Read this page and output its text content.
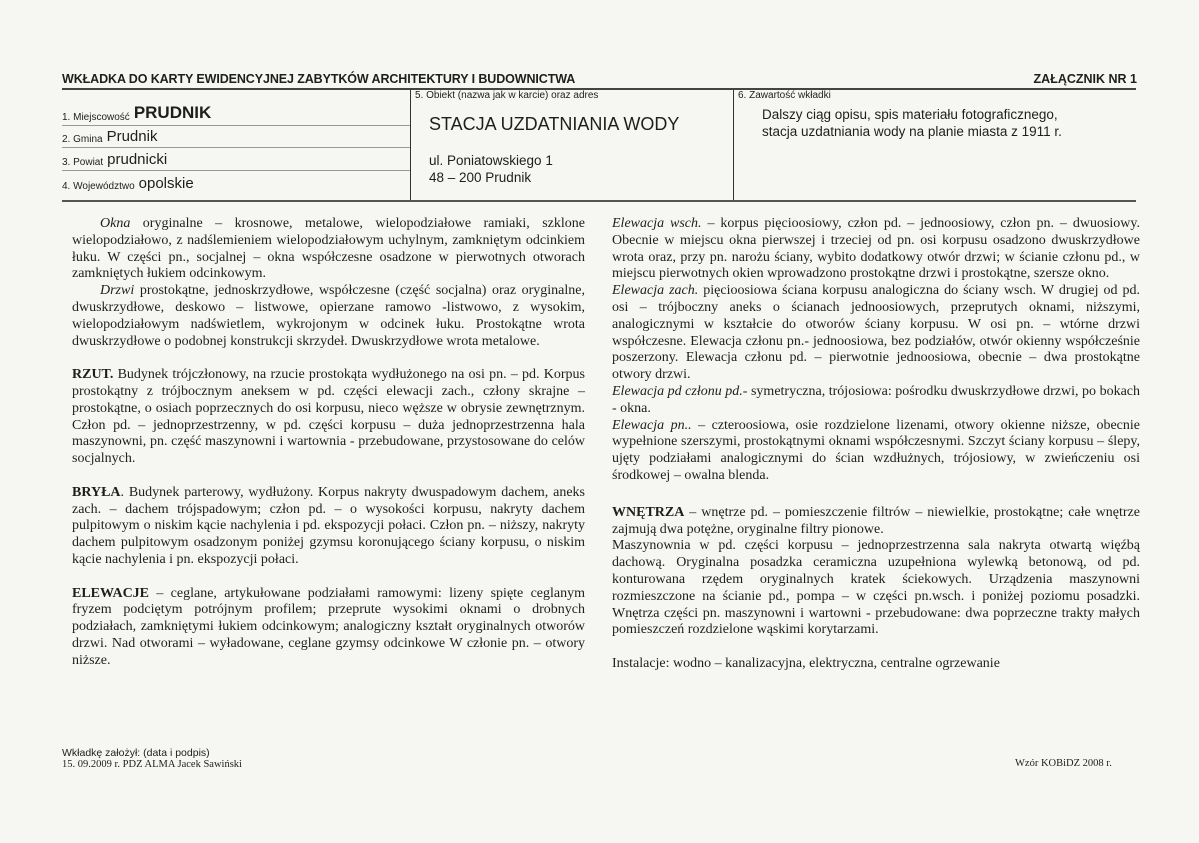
WKŁADKA DO KARTY EWIDENCYJNEJ ZABYTKÓW ARCHITEKTURY I BUDOWNICTWA	ZAŁĄCZNIK NR 1
1. Miejscowość PRUDNIK
2. Gmina Prudnik
3. Powiat prudnicki
4. Województwo opolskie
5. Obiekt (nazwa jak w karcie) oraz adres
STACJA UZDATNIANIA WODY
ul. Poniatowskiego 1
48 – 200 Prudnik
6. Zawartość wkładki
Dalszy ciąg opisu, spis materiału fotograficznego,
stacja uzdatniania wody na planie miasta z 1911 r.

Okna oryginalne – krosnowe, metalowe, wielopodziałowe ramiaki, szklone wielopodziałowo, z nadślemieniem wielopodziałowym uchylnym, zamkniętym odcinkiem łuku. W części pn., socjalnej – okna współczesne osadzone w pierwotnych otworach zamkniętych łukiem odcinkowym.

Drzwi prostokątne, jednoskrzydłowe, współczesne (część socjalna) oraz oryginalne, dwuskrzydłowe, deskowo – listwowe, opierzane ramowo -listwowo, z wysokim, wielopodziałowym nadświetlem, wykrojonym w odcinek łuku. Prostokątne wrota dwuskrzydłowe o podobnej konstrukcji skrzydeł. Dwuskrzydłowe wrota metalowe.

RZUT. Budynek trójczłonowy, na rzucie prostokąta wydłużonego na osi pn. – pd. Korpus prostokątny z trójbocznym aneksem w pd. części elewacji zach., człony skrajne – prostokątne, o osiach poprzecznych do osi korpusu, nieco węższe w obrysie zewnętrznym. Człon pd. – jednoprzestrzenny, w pd. części korpusu – duża jednoprzestrzenna hala maszynowni, pn. część maszynowni i wartownia - przebudowane, przystosowane do celów socjalnych.

BRYŁA. Budynek parterowy, wydłużony. Korpus nakryty dwuspadowym dachem, aneks zach. – dachem trójspadowym; człon pd. – o wysokości korpusu, nakryty dachem pulpitowym o niskim kącie nachylenia i pd. ekspozycji połaci. Człon pn. – niższy, nakryty dachem pulpitowym osadzonym poniżej gzymsu koronującego ściany korpusu, o niskim kącie nachylenia i pn. ekspozycji połaci.

ELEWACJE – ceglane, artykułowane podziałami ramowymi: lizeny spięte ceglanym fryzem podciętym potrójnym profilem; przeprute wysokimi oknami o drobnych podziałach, zamkniętymi łukiem odcinkowym; analogiczny kształt oryginalnych otworów drzwi. Nad otworami – wyładowane, ceglane gzymsy odcinkowe W członie pn. – otwory niższe.

Elewacja wsch. – korpus pięcioosiowy, człon pd. – jednoosiowy, człon pn. – dwuosiowy. Obecnie w miejscu okna pierwszej i trzeciej od pn. osi korpusu osadzono dwuskrzydłowe wrota oraz, przy pn. narożu ściany, wybito dodatkowy otwór drzwi; w ścianie członu pd., w miejscu pierwotnych okien wprowadzono prostokątne drzwi i prostokątne, szersze okno.

Elewacja zach. pięcioosiowa ściana korpusu analogiczna do ściany wsch. W drugiej od pd. osi – trójboczny aneks o ścianach jednoosiowych, przeprutych oknami, niższymi, analogicznymi w kształcie do otworów ściany korpusu. W osi pn. – wtórne drzwi współczesne. Elewacja członu pn.- jednoosiowa, bez podziałów, otwór okienny współcześnie poszerzony. Elewacja członu pd. – pierwotnie jednoosiowa, obecnie – dwa prostokątne otwory drzwi.

Elewacja pd członu pd.- symetryczna, trójosiowa: pośrodku dwuskrzydłowe drzwi, po bokach - okna.

Elewacja pn.. – czteroosiowa, osie rozdzielone lizenami, otwory okienne niższe, obecnie wypełnione szerszymi, prostokątnymi oknami współczesnymi. Szczyt ściany korpusu – ślepy, ujęty podziałami analogicznymi do ścian wzdłużnych, trójosiowy, w zwieńczeniu osi środkowej – owalna blenda.

WNĘTRZA – wnętrze pd. – pomieszczenie filtrów – niewielkie, prostokątne; całe wnętrze zajmują dwa potężne, oryginalne filtry pionowe.

Maszynownia w pd. części korpusu – jednoprzestrzenna sala nakryta otwartą więźbą dachową. Oryginalna posadzka ceramiczna uzupełniona wylewką betonową, od pd. konturowana rzędem oryginalnych kratek ściekowych. Urządzenia maszynowni rozmieszczone na ścianie pd., pompa – w części pn.wsch. i poniżej poziomu posadzki. Wnętrza części pn. maszynowni i wartowni - przebudowane: dwa poprzeczne trakty małych pomieszczeń rozdzielone wąskimi korytarzami.

Instalacje: wodno – kanalizacyjna, elektryczna, centralne ogrzewanie

Wkładkę założył: (data i podpis)
15. 09.2009 r. PDZ ALMA Jacek Sawiński	Wzór KOBiDZ 2008 r.
